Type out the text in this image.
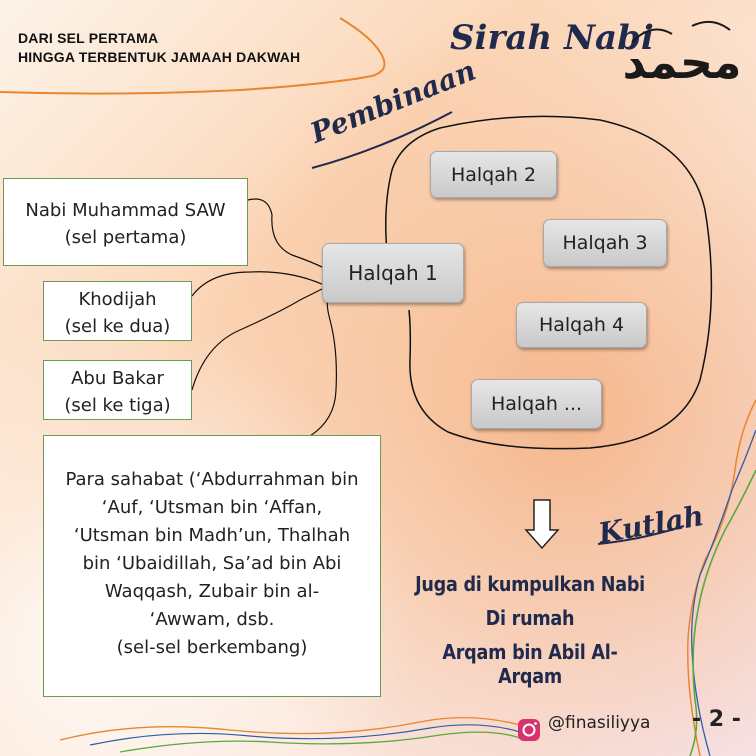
DARI SEL PERTAMA
HINGGA TERBENTUK JAMAAH DAKWAH	Sirah Nabi
محمد
Pembinaan
Nabi Muhammad SAW
(sel pertama)
Khodijah
(sel ke dua)
Abu Bakar
(sel ke tiga)
Para sahabat (‘Abdurrahman bin
‘Auf, ‘Utsman bin ‘Affan,
‘Utsman bin Madh’un, Thalhah
bin ‘Ubaidillah, Sa’ad bin Abi
Waqqash, Zubair bin al-
‘Awwam, dsb.
(sel-sel berkembang)
Halqah 1
Halqah 2
Halqah 3
Halqah 4
Halqah ...
Kutlah
Juga di kumpulkan Nabi
Di rumah
Arqam bin Abil Al-Arqam
@finasiliyya - 2 -
